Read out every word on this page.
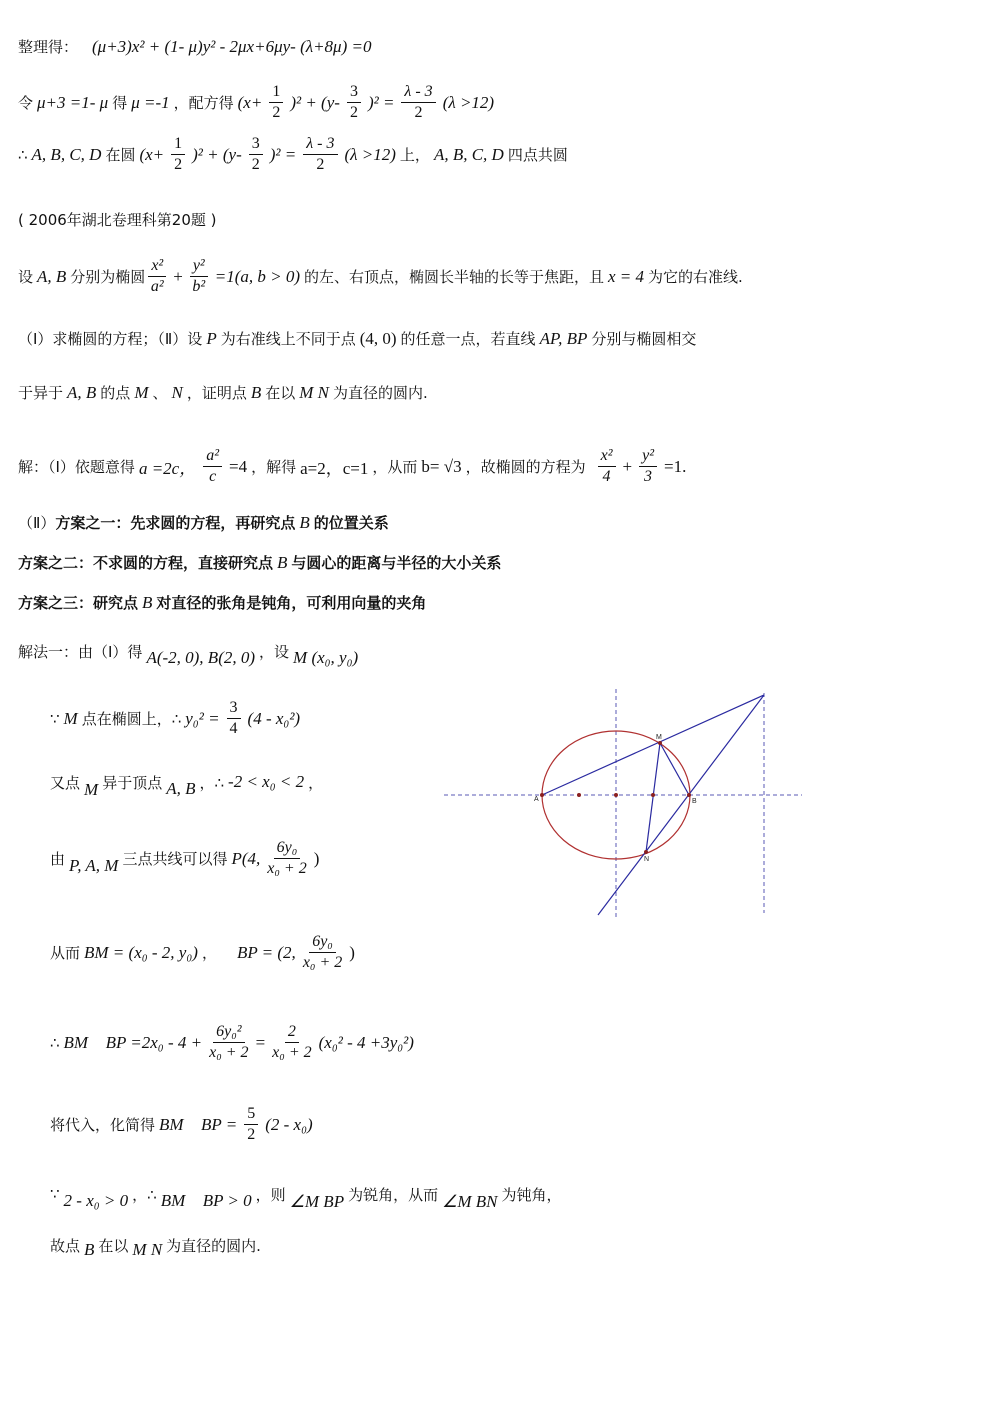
整理得： (μ+3)x² + (1- μ)y² - 2μx+6μy- (λ+8μ) =0
令 μ+3 =1- μ 得 μ =-1 ，配方得 $(x+ \frac{1}{2} )^2 + (y-$
3
2
)$^2 = \frac{\lambda - 3}{2} (\lambda >12)$
∴ A, B, C, D 在圆 $(x+ \frac{1}{2} )^2 + (y-$
3
2
)$^2 = \frac{\lambda - 3}{2} (\lambda >12)$ 上， A, B, C, D 四点共圆
( 2006年湖北卷理科第20题 )
设 A, B 分别为椭圆
x²
a²
+ $\frac{\text{y²}}{\text{b²}} =1(a$, b > 0) 的左、右顶点，椭圆长半轴的长等于焦距，且 x = 4 为它的右准线.
（Ⅰ）求椭圆的方程；（Ⅱ）设 P 为右准线上不同于点 (4, 0) 的任意一点，若直线 AP, BP 分别与椭圆相交
于异于 A, B 的点 M 、 N ，证明点 B 在以 M N 为直径的圆内.
解：（Ⅰ）依题意得 a =2c， $\frac{\text{a²}}{c} =4$ ，解得 a=2，c=1 ，从而 b= √3 ，故椭圆的方程为
x²
4
+ $\frac{\text{y²}}{3} =1$.
（Ⅱ） 方案之一：先求圆的方程，再研究点 B 的位置关系
方案之二：不求圆的方程，直接研究点 B 与圆心的距离与半径的大小关系
方案之三：研究点 B 对直径的张角是钝角，可利用向量的夹角
解法一：由（Ⅰ）得 A(-2, 0), B(2, 0) ，设 M (x₀, y₀)
∵ M 点在椭圆上，∴ $y_0^2 = \frac{3}{4} (4 - x_0^2)$
又点 M 异于顶点 A, B ，∴ -2 < x₀ < 2 ，
由 P, A, M 三点共线可以得 P(4,
6y₀
x₀ + 2
)
从而 BM = (x₀ - 2, y₀) ， BP = (2,
6y₀
x₀ + 2
)
∴ BM ⃞BP $=2x_0 - 4 + \frac{\text{6y₀²}}{\text{x₀ + 2}} = \frac{2}{\text{x₀ + 2}} (x_0^2 - 4 +3y_0^2)$
将代入，化简得 BM ⃞BP = $\frac{5}{2} (2 - x_0)$
∵ 2 - x₀ > 0 ，∴ BM ⃞BP > 0 ，则 ∠M BP 为锐角，从而 ∠M BN 为钝角，
故点 B 在以 M N 为直径的圆内.
A	B
M
N
